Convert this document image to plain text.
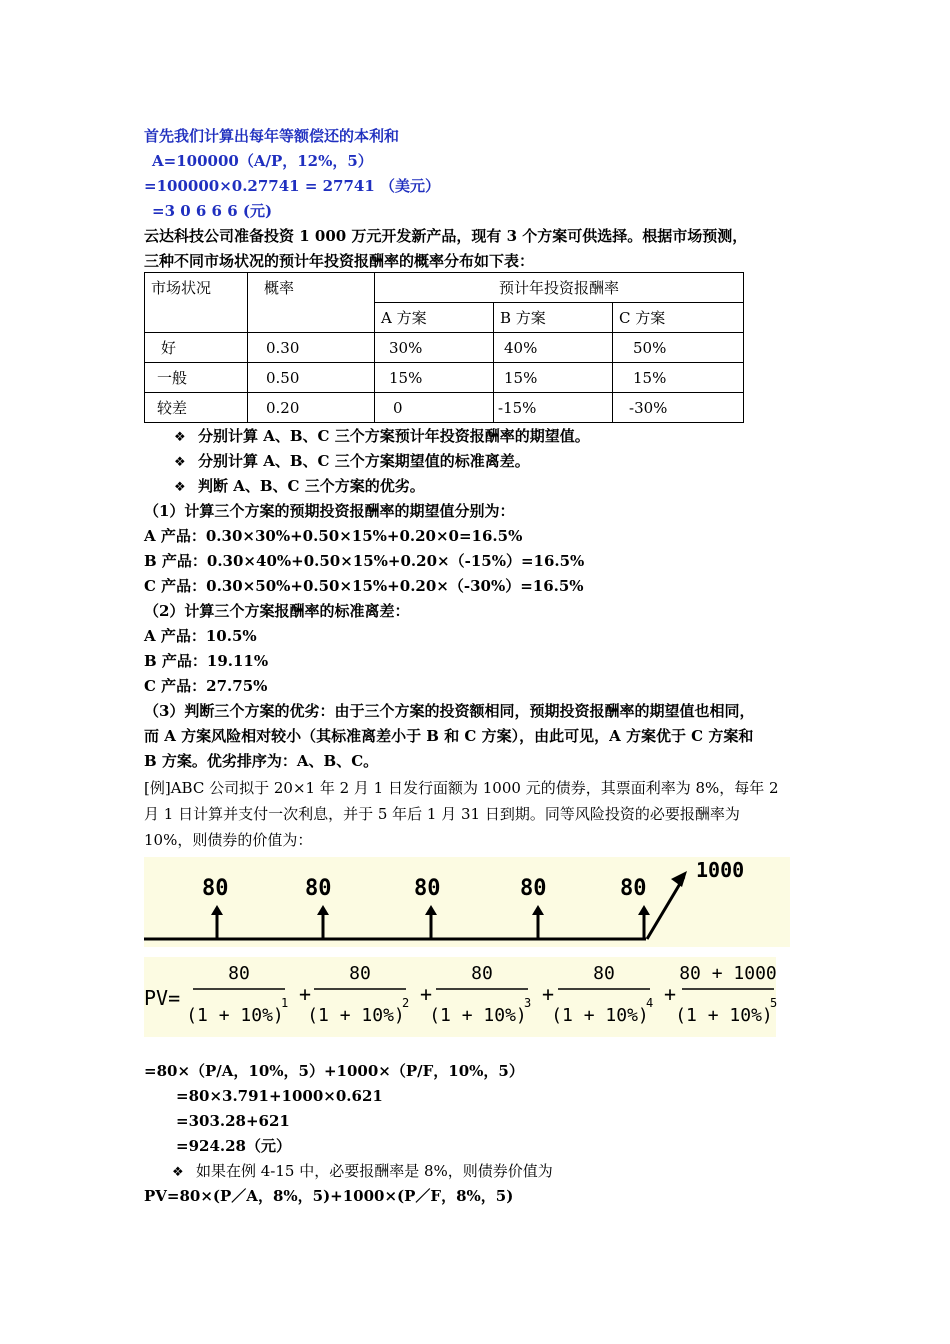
首先我们计算出每年等额偿还的本利和
A=100000（A/P，12%，5）
=100000×0.27741 = 27741 （美元）
=3 0 6 6 6 (元)
云达科技公司准备投资 1 000 万元开发新产品，现有 3 个方案可供选择。根据市场预测，
三种不同市场状况的预计年投资报酬率的概率分布如下表：
市场状况	概率	预计年投资报酬率		
		A 方案	B 方案	C 方案
好	0.30	30%	40%	50%
一般	0.50	15%	15%	15%
较差	0.20	0	-15%	-30%
❖ 分别计算 A、B、C 三个方案预计年投资报酬率的期望值。
❖ 分别计算 A、B、C 三个方案期望值的标准离差。
❖ 判断 A、B、C 三个方案的优劣。
（1）计算三个方案的预期投资报酬率的期望值分别为：
A 产品：0.30×30%+0.50×15%+0.20×0=16.5%
B 产品：0.30×40%+0.50×15%+0.20×（-15%）=16.5%
C 产品：0.30×50%+0.50×15%+0.20×（-30%）=16.5%
（2）计算三个方案报酬率的标准离差：
A 产品：10.5%
B 产品：19.11%
C 产品：27.75%
（3）判断三个方案的优劣：由于三个方案的投资额相同，预期投资报酬率的期望值也相同，
而 A 方案风险相对较小（其标准离差小于 B 和 C 方案），由此可见，A 方案优于 C 方案和
B 方案。优劣排序为：A、B、C。
[例]ABC 公司拟于 20×1 年 2 月 1 日发行面额为 1000 元的债券，其票面利率为 8%，每年 2
月 1 日计算并支付一次利息，并于 5 年后 1 月 31 日到期。同等风险投资的必要报酬率为
10%，则债券的价值为：
80	80	80	80	80
1000
PV=
80
(1 + 10%)
1 +
80
(1 + 10%)
2 +
80
(1 + 10%)
3 +
80
(1 + 10%)
4 +
80 + 1000
(1 + 10%)
5
=80×（P/A，10%，5）+1000×（P/F，10%，5）
=80×3.791+1000×0.621
=303.28+621
=924.28（元）
❖ 如果在例 4-15 中，必要报酬率是 8%，则债券价值为
PV=80×(P／A，8%，5)+1000×(P／F，8%，5)
